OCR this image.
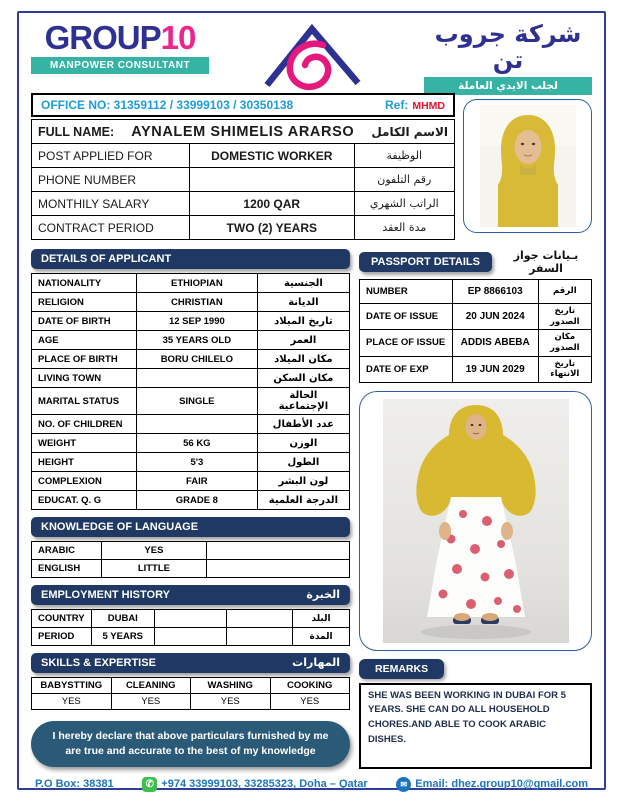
GROUP10
MANPOWER CONSULTANT
شركة جروب تن
لجلب الايدي العاملة
OFFICE NO: 31359112 / 33999103 / 30350138	Ref: MHMD
FULL NAME: AYNALEM SHIMELIS ARARSO الاسم الكامل		

POST APPLIED FOR	DOMESTIC WORKER	الوظيفة
PHONE NUMBER		رقم التلفون
MONTHILY SALARY	1200 QAR	الراتب الشهري
CONTRACT PERIOD	TWO (2) YEARS	مدة العقد
DETAILS OF APPLICANT
NATIONALITY	ETHIOPIAN	الجنسية
RELIGION	CHRISTIAN	الديانة
DATE OF BIRTH	12 SEP 1990	تاريخ الميلاد
AGE	35 YEARS OLD	العمر
PLACE OF BIRTH	BORU CHILELO	مكان الميلاد
LIVING TOWN		مكان السكن
MARITAL STATUS	SINGLE	الحالة الإجتماعية
NO. OF CHILDREN		عدد الأطفال
WEIGHT	56 KG	الوزن
HEIGHT	5'3	الطول
COMPLEXION	FAIR	لون البشر
EDUCAT. Q. G	GRADE 8	الدرجة العلمية
KNOWLEDGE OF LANGUAGE
ARABIC	YES	
ENGLISH	LITTLE	
EMPLOYMENT HISTORY	الخبرة
COUNTRY	DUBAI			البلد
PERIOD	5 YEARS			المدة
SKILLS & EXPERTISE	المهارات
BABYSTTING	CLEANING	WASHING	COOKING
YES	YES	YES	YES
I hereby declare that above particulars furnished by me are true and accurate to the best of my knowledge
PASSPORT DETAILS	بـيانات جواز السفر
NUMBER	EP 8866103	الرقم
DATE OF ISSUE	20 JUN 2024	تاريخ الصدور
PLACE OF ISSUE	ADDIS ABEBA	مكان الصدور
DATE OF EXP	19 JUN 2029	تاريخ الانتهاء
REMARKS
SHE WAS BEEN WORKING IN DUBAI FOR 5 YEARS. SHE CAN DO ALL HOUSEHOLD CHORES.AND ABLE TO COOK ARABIC DISHES.
P.O Box: 38381	✆ +974 33999103, 33285323, Doha – Qatar	✉ Email: dhez.group10@gmail.com
